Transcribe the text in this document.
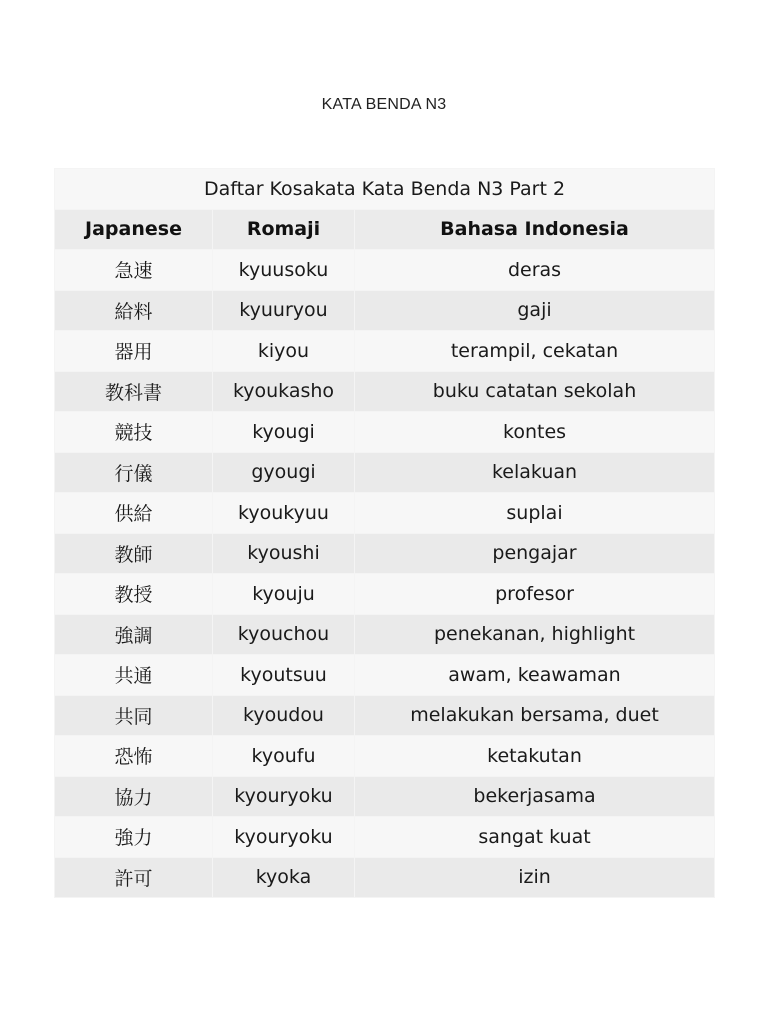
KATA BENDA N3
Daftar Kosakata Kata Benda N3 Part 2		
Japanese	Romaji	Bahasa Indonesia
急速	kyuusoku	deras
給料	kyuuryou	gaji
器用	kiyou	terampil, cekatan
教科書	kyoukasho	buku catatan sekolah
競技	kyougi	kontes
行儀	gyougi	kelakuan
供給	kyoukyuu	suplai
教師	kyoushi	pengajar
教授	kyouju	profesor
強調	kyouchou	penekanan, highlight
共通	kyoutsuu	awam, keawaman
共同	kyoudou	melakukan bersama, duet
恐怖	kyoufu	ketakutan
協力	kyouryoku	bekerjasama
強力	kyouryoku	sangat kuat
許可	kyoka	izin
